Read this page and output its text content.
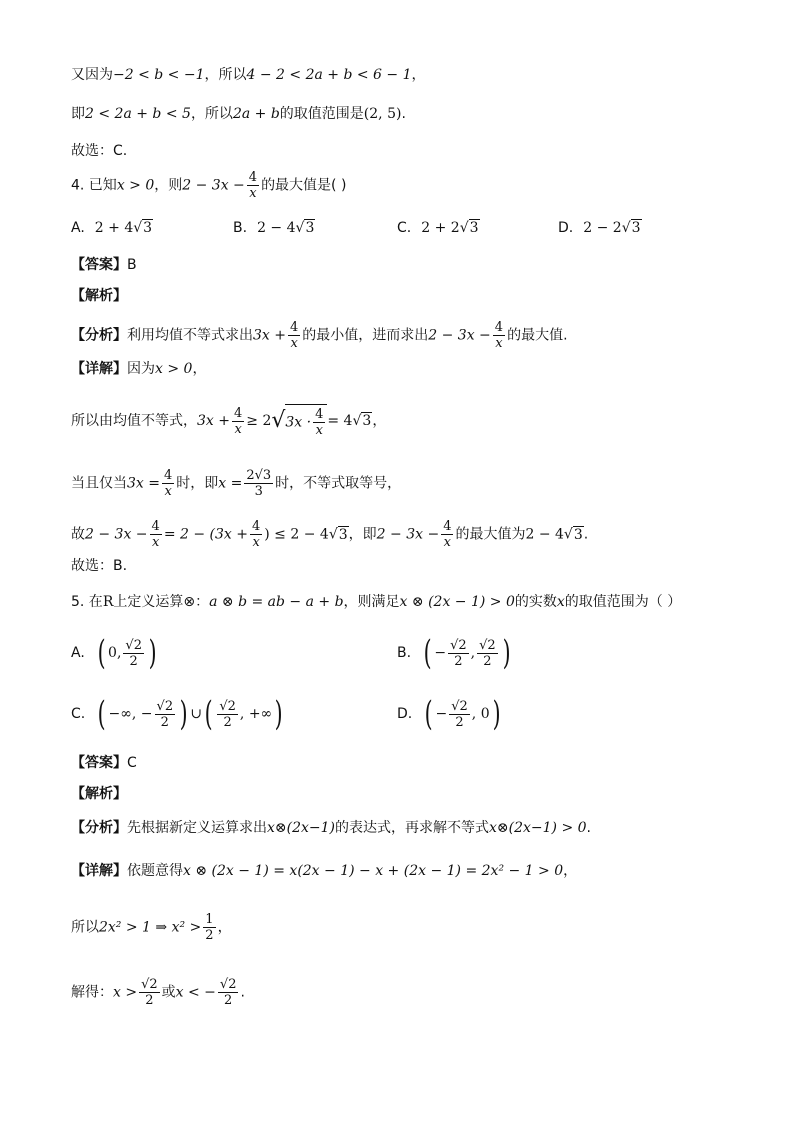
又因为−2 < b < −1，所以4 − 2 < 2a + b < 6 − 1，
即2 < 2a + b < 5，所以2a + b的取值范围是(2, 5).
故选：C.
4. 已知x > 0，则$2 - 3x - \frac{4}{x}$ 的最大值是( )
A. 2 + 4√3	B. 2 − 4√3	C. 2 + 2√3	D. 2 − 2√3
【答案】B
【解析】
【分析】利用均值不等式求出$3x + \frac{4}{x}$ 的最小值，进而求出$2 - 3x - \frac{4}{x}$ 的最大值.
【详解】因为x > 0，
所以由均值不等式，$3x + \frac{4}{x} \ge 2√3x \cdot \frac{4}{x} = 4√3$，
当且仅当$3x = \frac{4}{x}$ 时，即$x = \frac{2√3}{3}$ 时，不等式取等号，
故$2 - 3x - \frac{4}{x} = 2 - (3x + \frac{4}{x}$ ) ≤ 2 − 4√3，即$2 - 3x - \frac{4}{x}$ 的最大值为2 − 4√3.
故选：B.
5. 在R上定义运算⊗：a ⊗ b = ab − a + b，则满足x ⊗ (2x − 1) > 0的实数x的取值范围为（ ）
A. ( 0, $\frac{√2}{2}$ )	B. ( − $\frac{√2}{2}$ , $\frac{√2}{2}$ )
C. ( −∞, − $\frac{√2}{2}$ ) ∪( $\frac{√2}{2}$ , +∞)	D. ( − $\frac{√2}{2}$ , 0)
【答案】C
【解析】
【分析】先根据新定义运算求出x⊗(2x−1)的表达式，再求解不等式x⊗(2x−1) > 0.
【详解】依题意得x ⊗ (2x − 1) = x(2x − 1) − x + (2x − 1) = 2x² − 1 > 0，
所以2x² > 1 ⇒ $x^2 > \frac{1}{2}$ ，
解得：$x > \frac{√2}{2}$ 或x < − $\frac{√2}{2}$ .
